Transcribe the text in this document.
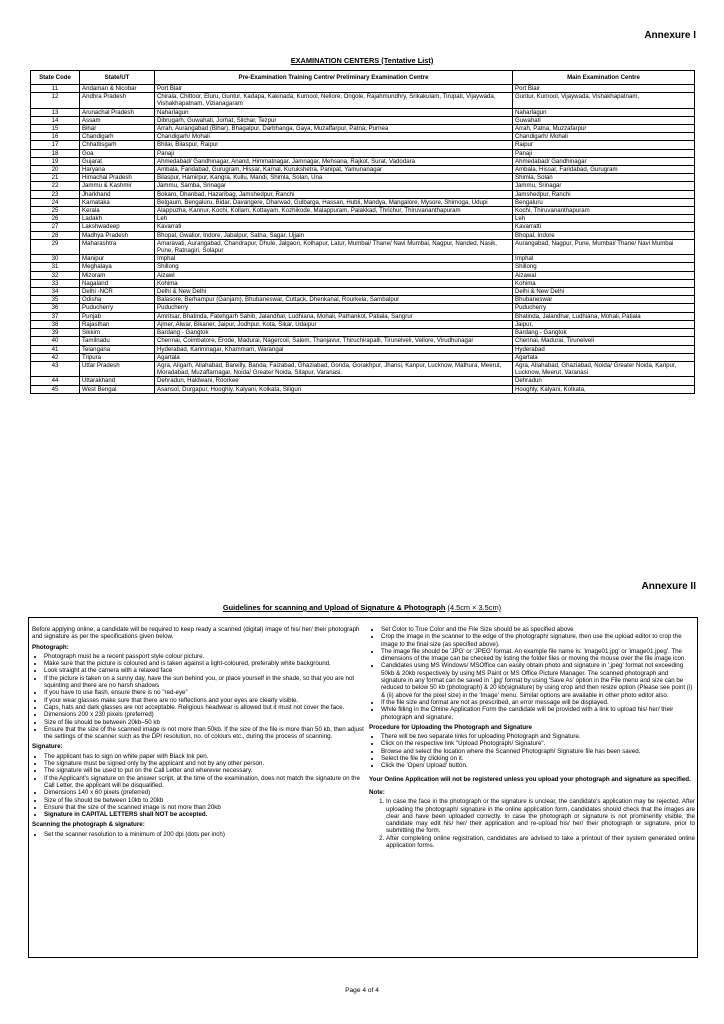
Annexure I
EXAMINATION CENTERS (Tentative List)
State Code	State/UT	Pre-Examination Training Centre/ Preliminary Examination Centre	Main Examination Centre
11	Andaman & Nicobar	Port Blair	Port Blair
12	Andhra Pradesh	Chirala, Chittoor, Eluru, Guntur, Kadapa, Kakinada, Kurnool, Nellore, Ongole, Rajahmundhry, Srikakulam, Tirupati, Vijaywada, Vishakhapatnam, Vizianagaram	Guntur, Kurnool, Vijaywada, Vishakhapatnam,
13	Arunachal Pradesh	Naharlagun	Naharlagun
14	Assam	Dibrugarh, Guwahati, Jorhat, Silchar, Tezpur	Guwahati
15	Bihar	Arrah, Aurangabad (Bihar), Bhagalpur, Darbhanga, Gaya, Muzaffarpur, Patna, Purnea	Arrah, Patna, Muzzafarpur
16	Chandigarh	Chandigarh/ Mohali	Chandigarh/ Mohali
17	Chhattisgarh	Bhilai, Bilaspur, Raipur	Raipur
18	Goa	Panaji	Panaji
19	Gujarat	Ahmedabad/ Gandhinagar, Anand, Himmatnagar, Jamnagar, Mehsana, Rajkot, Surat, Vadodara	Ahmedabad/ Gandhinagar
20	Haryana	Ambala, Faridabad, Gurugram, Hissar, Karnal, Kurukshetra, Panipat, Yamunanagar	Ambala, Hissar, Faridabad, Gurugram
21	Himachal Pradesh	Bilaspur, Hamirpur, Kangra, Kullu, Mandi, Shimla, Solan, Una	Shimla, Solan
22	Jammu & Kashmir	Jammu, Samba, Srinagar	Jammu, Srinagar
23	Jharkhand	Bokaro, Dhanbad, Hazaribag, Jamshedpur, Ranchi	Jamshedpur, Ranchi
24	Karnataka	Belgaum, Bengaluru, Bidar, Davangere, Dharwad, Gulbarga, Hassan, Hubli, Mandya, Mangalore, Mysore, Shimoga, Udupi	Bengaluru
25	Kerala	Alappuzha, Kannur, Kochi, Kollam, Kottayam, Kozhikode, Malappuram, Palakkad, Thrichur, Thiruvananthapuram	Kochi, Thiruvananthapuram
26	Ladakh	Leh	Leh
27	Lakshwadeep	Kavarrati	Kavarratti
28	Madhya Pradesh	Bhopal, Gwalior, Indore, Jabalpur, Satna, Sagar, Ujjain	Bhopal, Indore
29	Maharashtra	Amaravati, Aurangabad, Chandrapur, Dhule, Jalgaon, Kolhapur, Latur, Mumbai/ Thane/ Navi Mumbai, Nagpur, Nanded, Nasik, Pune, Ratnagiri, Solapur	Aurangabad, Nagpur, Pune, Mumbai/ Thane/ Navi Mumbai
30	Manipur	Imphal	Imphal
31	Meghalaya	Shillong	Shillong
32	Mizoram	Aizawl	Aizawal
33	Nagaland	Kohima	Kohima
34	Delhi -NCR	Delhi & New Delhi	Delhi & New Delhi
35	Odisha	Balasore, Berhampur (Ganjam), Bhubaneswar, Cuttack, Dhenkanal, Rourkela, Sambalpur	Bhubaneswar
36	Puducherry	Puducherry	Puducherry
37	Punjab	Amritsar, Bhatinda, Fatehgarh Sahib, Jalandhar, Ludhiana, Mohali, Pathankot, Patiala, Sangrur	Bhatinda, Jalandhar, Ludhiana, Mohali, Patiala
38	Rajasthan	Ajmer, Alwar, Bikaner, Jaipur, Jodhpur, Kota, Sikar, Udaipur	Jaipur,
39	Sikkim	Bardang - Gangtok	Bardang - Gangtok
40	Tamilnadu	Chennai, Coimbatore, Erode, Madurai, Nagercoil, Salem, Thanjavur, Thiruchirapalli, Tirunelveli, Vellore, Virudhunagar	Chennai, Madurai, Tirunelveli
41	Telangana	Hyderabad, Karimnagar, Khammam, Warangal	Hyderabad
42	Tripura	Agartala	Agartala
43	Uttar Pradesh	Agra, Aligarh, Allahabad, Bareilly, Banda, Faizabad, Ghaziabad, Gonda, Gorakhpur, Jhansi, Kanpur, Lucknow, Mathura, Meerut, Moradabad, Muzaffarnagar, Noida/ Greater Noida, Sitapur, Varanasi.	Agra, Allahabad, Ghaziabad, Noida/ Greater Noida, Kanpur, Lucknow, Meerut, Varanasi
44	Uttarakhand	Dehradun, Haldwani, Roorkee	Dehradun
45	West Bengal	Asansol, Durgapur, Hooghly, Kalyani, Kolkata, Siliguri	Hooghly, Kalyani, Kolkata,
Annexure II
Guidelines for scanning and Upload of Signature & Photograph (4.5cm × 3.5cm)

Before applying online, a candidate will be required to keep ready a scanned (digital) image of his/ her/ their photograph and signature as per the specifications given below.

Photograph:
• Photograph must be a recent passport style colour picture.
• Make sure that the picture is coloured and is taken against a light-coloured, preferably white background.
• Look straight at the camera with a relaxed face
• If the picture is taken on a sunny day, have the sun behind you, or place yourself in the shade, so that you are not squinting and there are no harsh shadows
• If you have to use flash, ensure there is no "red-eye"
• If your wear glasses make sure that there are no reflections and your eyes are clearly visible.
• Caps, hats and dark glasses are not acceptable. Religious headwear is allowed but it must not cover the face.
• Dimensions 200 x 230 pixels (preferred)
• Size of file should be between 20kb–50 kb
• Ensure that the size of the scanned image is not more than 50kb. If the size of the file is more than 50 kb, then adjust the settings of the scanner such as the DPI resolution, no. of colours etc., during the process of scanning.
Signature:
• The applicant has to sign on white paper with Black Ink pen.
• The signature must be signed only by the applicant and not by any other person.
• The signature will be used to put on the Call Letter and wherever necessary.
• If the Applicant's signature on the answer script, at the time of the examination, does not match the signature on the Call Letter, the applicant will be disqualified.
• Dimensions 140 x 60 pixels (preferred)
• Size of file should be between 10kb to 20kb
• Ensure that the size of the scanned image is not more than 20kb
• Signature in CAPITAL LETTERS shall NOT be accepted.
Scanning the photograph & signature:
• Set the scanner resolution to a minimum of 200 dpi (dots per inch)
• Set Color to True Color and the File Size should be as specified above
• Crop the image in the scanner to the edge of the photograph/ signature, then use the upload editor to crop the image to the final size (as specified above).
• The image file should be 'JPG' or 'JPEG' format. An example file name is: 'image01.jpg' or 'image01.jpeg'. The dimensions of the Image can be checked by listing the folder files or moving the mouse over the file image icon.
• Candidates using MS Windows/ MSOffice can easily obtain photo and signature in '.jpeg' format not exceeding 50kb & 20kb respectively by using MS Paint or MS Office Picture Manager. The scanned photograph and signature in any format can be saved in '.jpg' format by using 'Save As' option in the File menu and size can be reduced to below 50 kb (photograph) & 20 kb(signature) by using crop and then resize option (Please see point (i) & (ii) above for the pixel size) in the 'Image' menu. Similar options are available in other photo editor also.
• If the file size and format are not as prescribed, an error message will be displayed.
• While filling in the Online Application Form the candidate will be provided with a link to upload his/ her/ their photograph and signature.
Procedure for Uploading the Photograph and Signature
• There will be two separate links for uploading Photograph and Signature.
• Click on the respective link "Upload Photograph/ Signature".
• Browse and select the location where the Scanned Photograph/ Signature file has been saved.
• Select the file by clicking on it.
• Click the 'Open/ Upload' button.

Your Online Application will not be registered unless you upload your photograph and signature as specified.

Note:
1. In case the face in the photograph or the signature is unclear, the candidate's application may be rejected. After uploading the photograph/ signature in the online application form, candidates should check that the images are clear and have been uploaded correctly. In case the photograph or signature is not prominently visible, the candidate may edit his/ her/ their application and re-upload his/ her/ their photograph or signature, prior to submitting the form.
2. After completing online registration, candidates are advised to take a printout of their system generated online application forms.
Page 4 of 4
